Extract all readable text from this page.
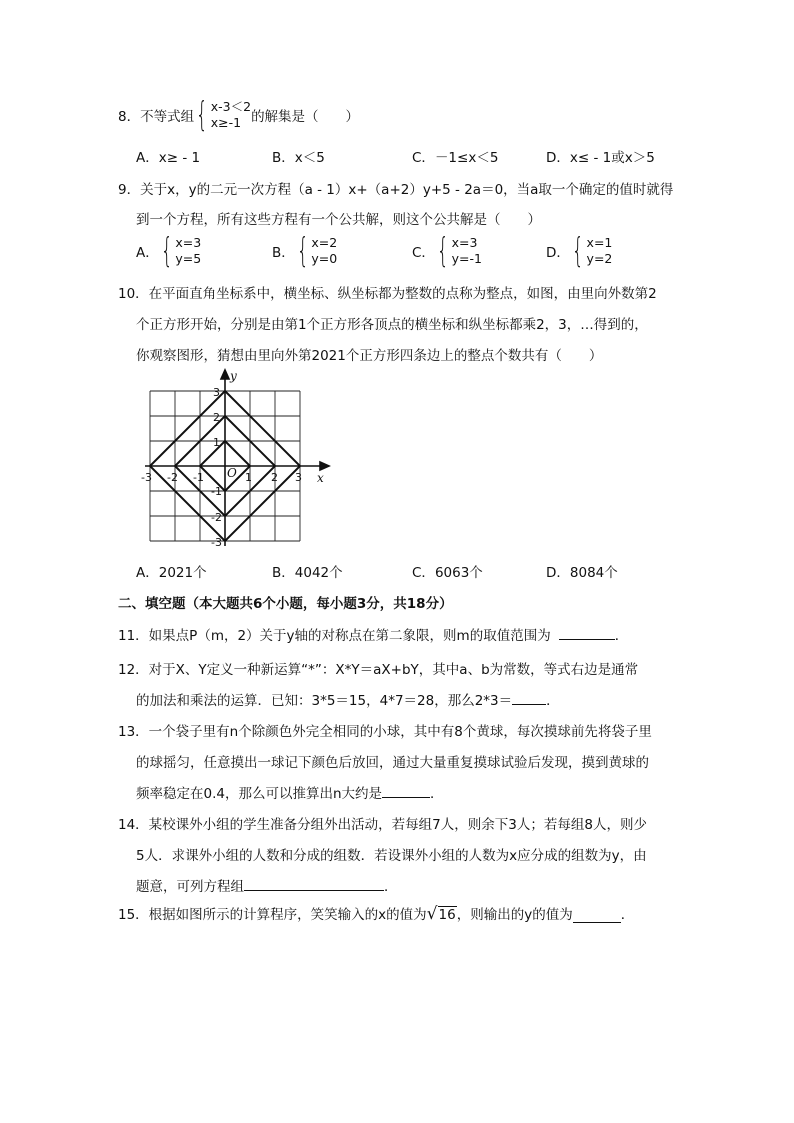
8．不等式组 { x-3＜2
x≥-1 的解集是（　　）
A．x≥ - 1	B．x＜5	C．－1≤x＜5	D．x≤ - 1或x＞5
9．关于x，y的二元一次方程（a - 1）x+（a+2）y+5 - 2a＝0，当a取一个确定的值时就得
到一个方程，所有这些方程有一个公共解，则这个公共解是（　　）
A． { x=3
y=5	B． { x=2
y=0	C． { x=3
y=-1	D． { x=1
y=2
10．在平面直角坐标系中，横坐标、纵坐标都为整数的点称为整点，如图，由里向外数第2
个正方形开始，分别是由第1个正方形各顶点的横坐标和纵坐标都乘2，3，…得到的，
你观察图形，猜想由里向外第2021个正方形四条边上的整点个数共有（　　）
y
x
O
-3 -2 -1	1 2 3
3
2
1
-1
-2
-3
A．2021个	B．4042个	C．6063个	D．8084个
二、填空题（本大题共6个小题，每小题3分，共18分）
11．如果点P（m，2）关于y轴的对称点在第二象限，则m的取值范围为	．
12．对于X、Y定义一种新运算“*”：X*Y＝aX+bY，其中a、b为常数，等式右边是通常
的加法和乘法的运算．已知：3*5＝15，4*7＝28，那么2*3＝	．
13．一个袋子里有n个除颜色外完全相同的小球，其中有8个黄球，每次摸球前先将袋子里
的球摇匀，任意摸出一球记下颜色后放回，通过大量重复摸球试验后发现，摸到黄球的
频率稳定在0.4，那么可以推算出n大约是	．
14．某校课外小组的学生准备分组外出活动，若每组7人，则余下3人；若每组8人，则少
5人．求课外小组的人数和分成的组数．若设课外小组的人数为x应分成的组数为y，由
题意，可列方程组	．
15．根据如图所示的计算程序，笑笑输入的x的值为 √ 16 ，则输出的y的值为	．
